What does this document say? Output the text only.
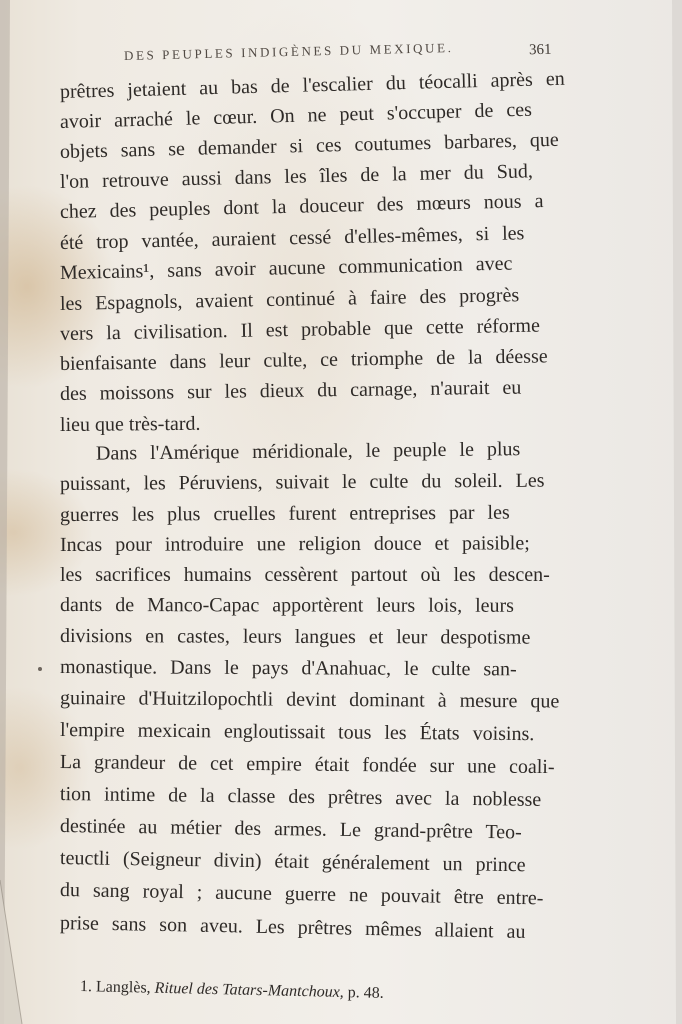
DES PEUPLES INDIGÈNES DU MEXIQUE.	361
prêtres jetaient au bas de l'escalier du téocalli après en
avoir arraché le cœur. On ne peut s'occuper de ces
objets sans se demander si ces coutumes barbares, que
l'on retrouve aussi dans les îles de la mer du Sud,
chez des peuples dont la douceur des mœurs nous a
été trop vantée, auraient cessé d'elles-mêmes, si les
Mexicains¹, sans avoir aucune communication avec
les Espagnols, avaient continué à faire des progrès
vers la civilisation. Il est probable que cette réforme
bienfaisante dans leur culte, ce triomphe de la déesse
des moissons sur les dieux du carnage, n'aurait eu
lieu que très-tard.
Dans l'Amérique méridionale, le peuple le plus
puissant, les Péruviens, suivait le culte du soleil. Les
guerres les plus cruelles furent entreprises par les
Incas pour introduire une religion douce et paisible;
les sacrifices humains cessèrent partout où les descen-
dants de Manco-Capac apportèrent leurs lois, leurs
divisions en castes, leurs langues et leur despotisme
monastique. Dans le pays d'Anahuac, le culte san-
guinaire d'Huitzilopochtli devint dominant à mesure que
l'empire mexicain engloutissait tous les États voisins.
La grandeur de cet empire était fondée sur une coali-
tion intime de la classe des prêtres avec la noblesse
destinée au métier des armes. Le grand-prêtre Teo-
teuctli (Seigneur divin) était généralement un prince
du sang royal ; aucune guerre ne pouvait être entre-
prise sans son aveu. Les prêtres mêmes allaient au
1. Langlès, Rituel des Tatars-Mantchoux, p. 48.
